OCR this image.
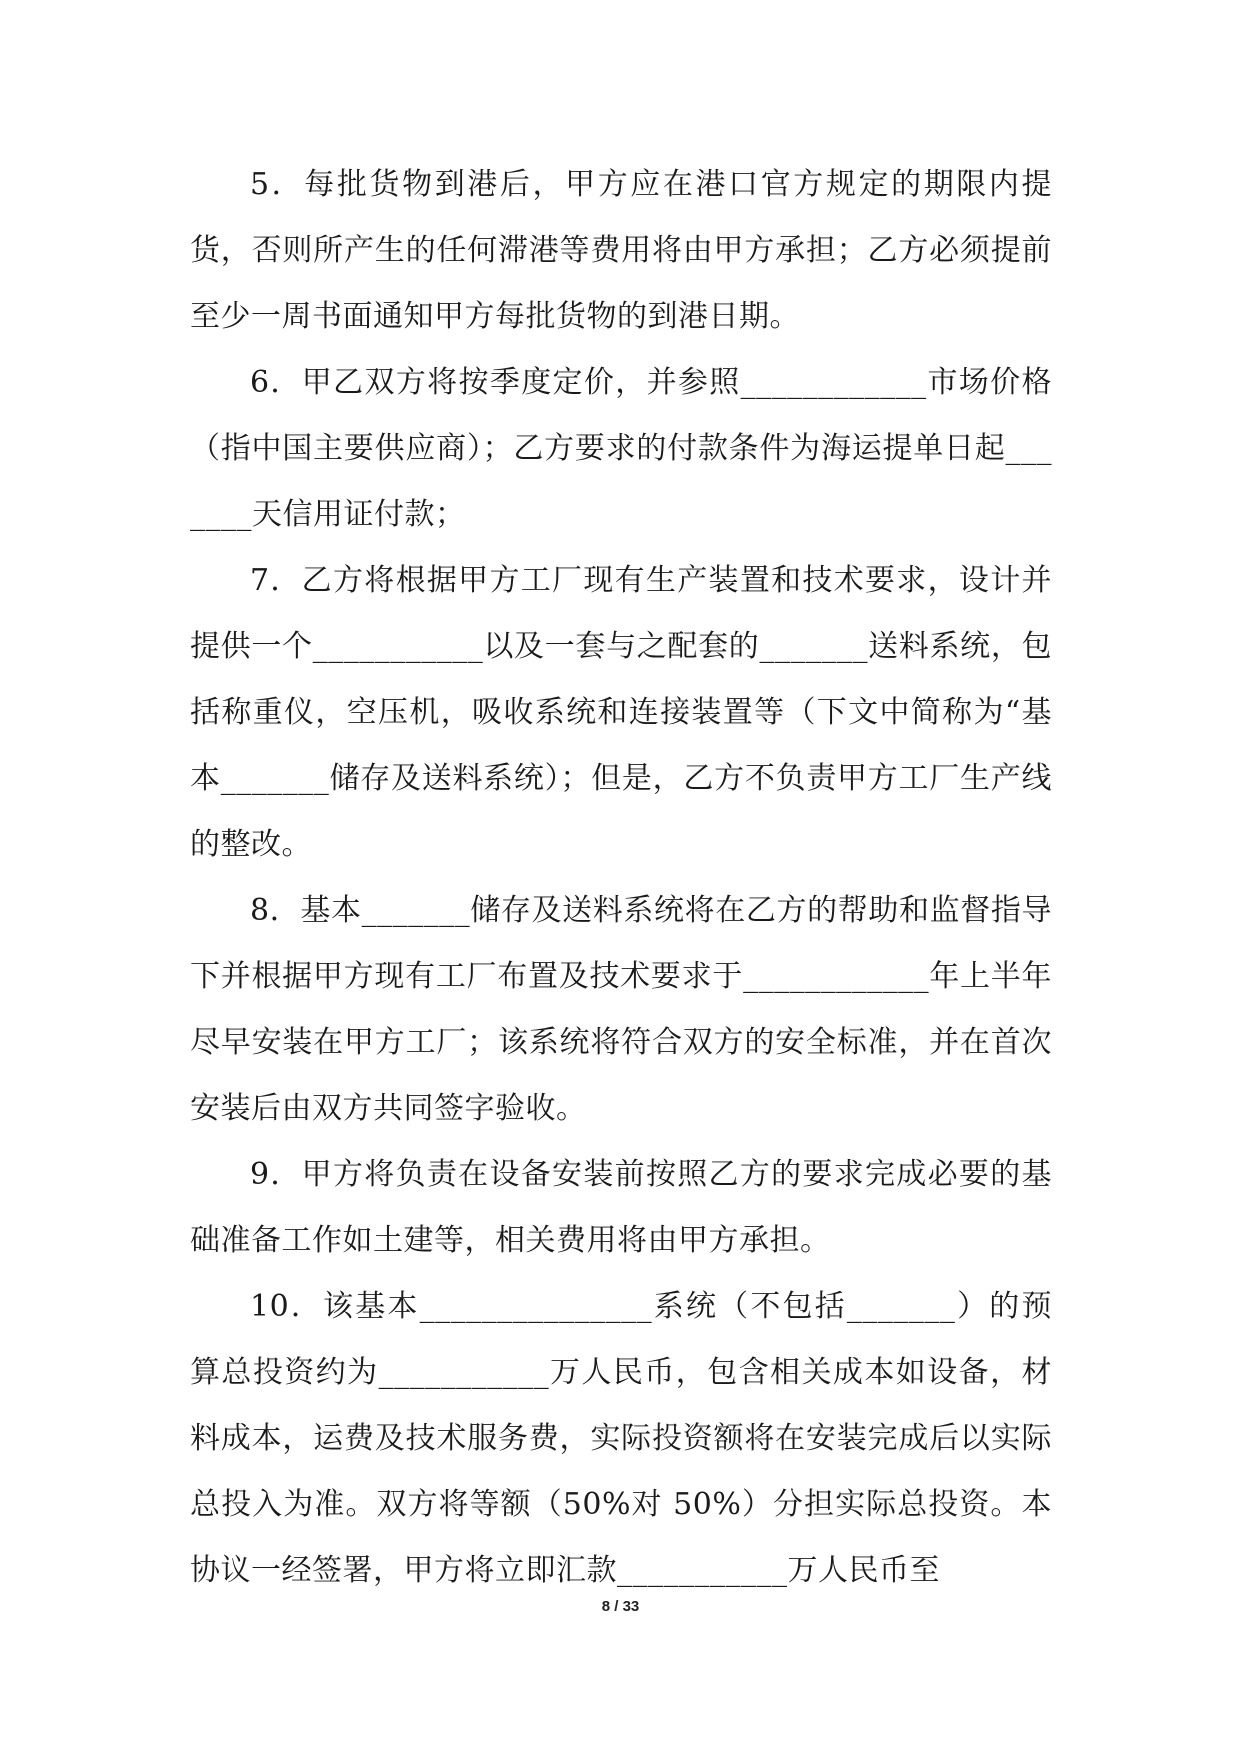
5．每批货物到港后，甲方应在港口官方规定的期限内提货，否则所产生的任何滞港等费用将由甲方承担；乙方必须提前至少一周书面通知甲方每批货物的到港日期。

6．甲乙双方将按季度定价，并参照____________市场价格（指中国主要供应商）；乙方要求的付款条件为海运提单日起_______天信用证付款；

7．乙方将根据甲方工厂现有生产装置和技术要求，设计并提供一个___________以及一套与之配套的_______送料系统，包括称重仪，空压机，吸收系统和连接装置等（下文中简称为“基本_______储存及送料系统）；但是，乙方不负责甲方工厂生产线的整改。

8．基本_______储存及送料系统将在乙方的帮助和监督指导下并根据甲方现有工厂布置及技术要求于____________年上半年尽早安装在甲方工厂；该系统将符合双方的安全标准，并在首次安装后由双方共同签字验收。

9．甲方将负责在设备安装前按照乙方的要求完成必要的基础准备工作如土建等，相关费用将由甲方承担。

10．该基本_______________系统（不包括_______）的预算总投资约为___________万人民币，包含相关成本如设备，材料成本，运费及技术服务费，实际投资额将在安装完成后以实际总投入为准。双方将等额（50%对 50%）分担实际总投资。本协议一经签署，甲方将立即汇款___________万人民币至

8 / 33
